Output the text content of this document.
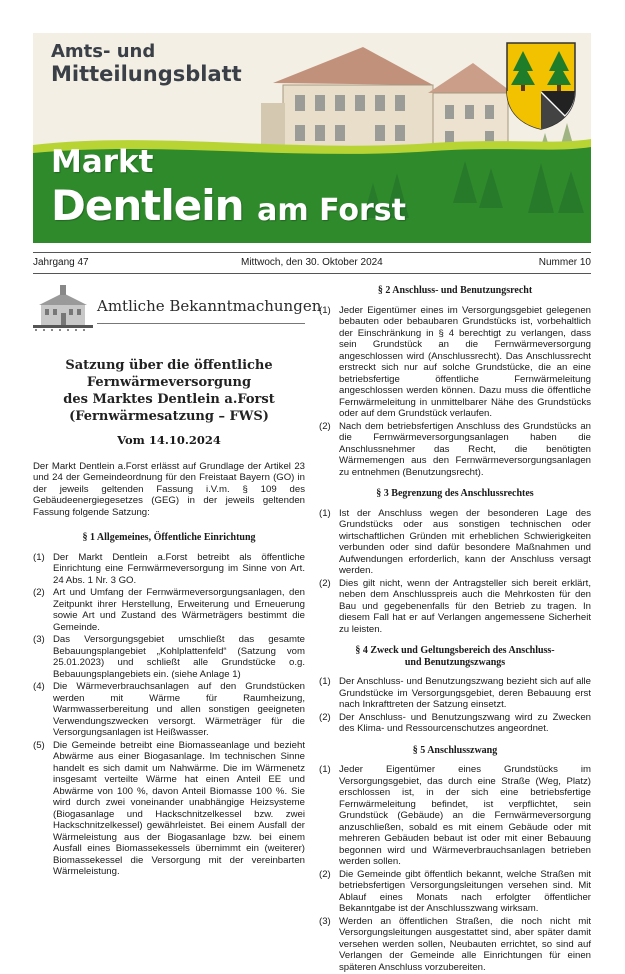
Amts- und
Mitteilungsblatt
Markt
Dentlein am Forst
Jahrgang 47	Mittwoch, den 30. Oktober 2024	Nummer 10
Amtliche Bekanntmachungen
Satzung über die öffentliche Fernwärmeversorgung
des Marktes Dentlein a.Forst
(Fernwärmesatzung – FWS)
Vom 14.10.2024
Der Markt Dentlein a.Forst erlässt auf Grundlage der Artikel 23 und 24 der Gemeindeordnung für den Freistaat Bayern (GO) in der jeweils geltenden Fassung i.V.m. § 109 des Gebäudeenergiegesetzes (GEG) in der jeweils geltenden Fassung folgende Satzung:
§ 1 Allgemeines, Öffentliche Einrichtung
(1) Der Markt Dentlein a.Forst betreibt als öffentliche Einrichtung eine Fernwärmeversorgung im Sinne von Art. 24 Abs. 1 Nr. 3 GO.
(2) Art und Umfang der Fernwärmeversorgungsanlagen, den Zeitpunkt ihrer Herstellung, Erweiterung und Erneuerung sowie Art und Zustand des Wärmeträgers bestimmt die Gemeinde.
(3) Das Versorgungsgebiet umschließt das gesamte Bebauungsplangebiet „Kohlplattenfeld“ (Satzung vom 25.01.2023) und schließt alle Grundstücke o.g. Bebauungsplangebiets ein. (siehe Anlage 1)
(4) Die Wärmeverbrauchsanlagen auf den Grundstücken werden mit Wärme für Raumheizung, Warmwasserbereitung und allen sonstigen geeigneten Verwendungszwecken versorgt. Wärmeträger für die Versorgungsanlagen ist Heißwasser.
(5) Die Gemeinde betreibt eine Biomasseanlage und bezieht Abwärme aus einer Biogasanlage. Im technischen Sinne handelt es sich damit um Nahwärme. Die im Wärmenetz insgesamt verteilte Wärme hat einen Anteil EE und Abwärme von 100 %, davon Anteil Biomasse 100 %. Sie wird durch zwei voneinander unabhängige Heizsysteme (Biogasanlage und Hackschnitzelkessel bzw. zwei Hackschnitzelkessel) gewährleistet. Bei einem Ausfall der Wärmeleistung aus der Biogasanlage bzw. bei einem Ausfall eines Biomassekessels übernimmt ein (weiterer) Biomassekessel die Versorgung mit der vereinbarten Wärmeleistung.
§ 2 Anschluss- und Benutzungsrecht
(1) Jeder Eigentümer eines im Versorgungsgebiet gelegenen bebauten oder bebaubaren Grundstücks ist, vorbehaltlich der Einschränkung in § 4 berechtigt zu verlangen, dass sein Grundstück an die Fernwärmeversorgung angeschlossen wird (Anschlussrecht). Das Anschlussrecht erstreckt sich nur auf solche Grundstücke, die an eine betriebsfertige öffentliche Fernwärmeleitung angeschlossen werden können. Dazu muss die öffentliche Fernwärmeleitung in unmittelbarer Nähe des Grundstücks oder auf dem Grundstück verlaufen.
(2) Nach dem betriebsfertigen Anschluss des Grundstücks an die Fernwärmeversorgungsanlagen haben die Anschlussnehmer das Recht, die benötigten Wärmemengen aus den Fernwärmeversorgungsanlagen zu entnehmen (Benutzungsrecht).
§ 3 Begrenzung des Anschlussrechtes
(1) Ist der Anschluss wegen der besonderen Lage des Grundstücks oder aus sonstigen technischen oder wirtschaftlichen Gründen mit erheblichen Schwierigkeiten verbunden oder sind dafür besondere Maßnahmen und Aufwendungen erforderlich, kann der Anschluss versagt werden.
(2) Dies gilt nicht, wenn der Antragsteller sich bereit erklärt, neben dem Anschlusspreis auch die Mehrkosten für den Bau und gegebenenfalls für den Betrieb zu tragen. In diesem Fall hat er auf Verlangen angemessene Sicherheit zu leisten.
§ 4 Zweck und Geltungsbereich des Anschluss-
und Benutzungszwangs
(1) Der Anschluss- und Benutzungszwang bezieht sich auf alle Grundstücke im Versorgungsgebiet, deren Bebauung erst nach Inkrafttreten der Satzung einsetzt.
(2) Der Anschluss- und Benutzungszwang wird zu Zwecken des Klima- und Ressourcenschutzes angeordnet.
§ 5 Anschlusszwang
(1) Jeder Eigentümer eines Grundstücks im Versorgungsgebiet, das durch eine Straße (Weg, Platz) erschlossen ist, in der sich eine betriebsfertige Fernwärmeleitung befindet, ist verpflichtet, sein Grundstück (Gebäude) an die Fernwärmeversorgung anzuschließen, sobald es mit einem Gebäude oder mit mehreren Gebäuden bebaut ist oder mit einer Bebauung begonnen wird und Wärmeverbrauchsanlagen betrieben werden sollen.
(2) Die Gemeinde gibt öffentlich bekannt, welche Straßen mit betriebsfertigen Versorgungsleitungen versehen sind. Mit Ablauf eines Monats nach erfolgter öffentlicher Bekanntgabe ist der Anschlusszwang wirksam.
(3) Werden an öffentlichen Straßen, die noch nicht mit Versorgungsleitungen ausgestattet sind, aber später damit versehen werden sollen, Neubauten errichtet, so sind auf Verlangen der Gemeinde alle Einrichtungen für einen späteren Anschluss vorzubereiten.
